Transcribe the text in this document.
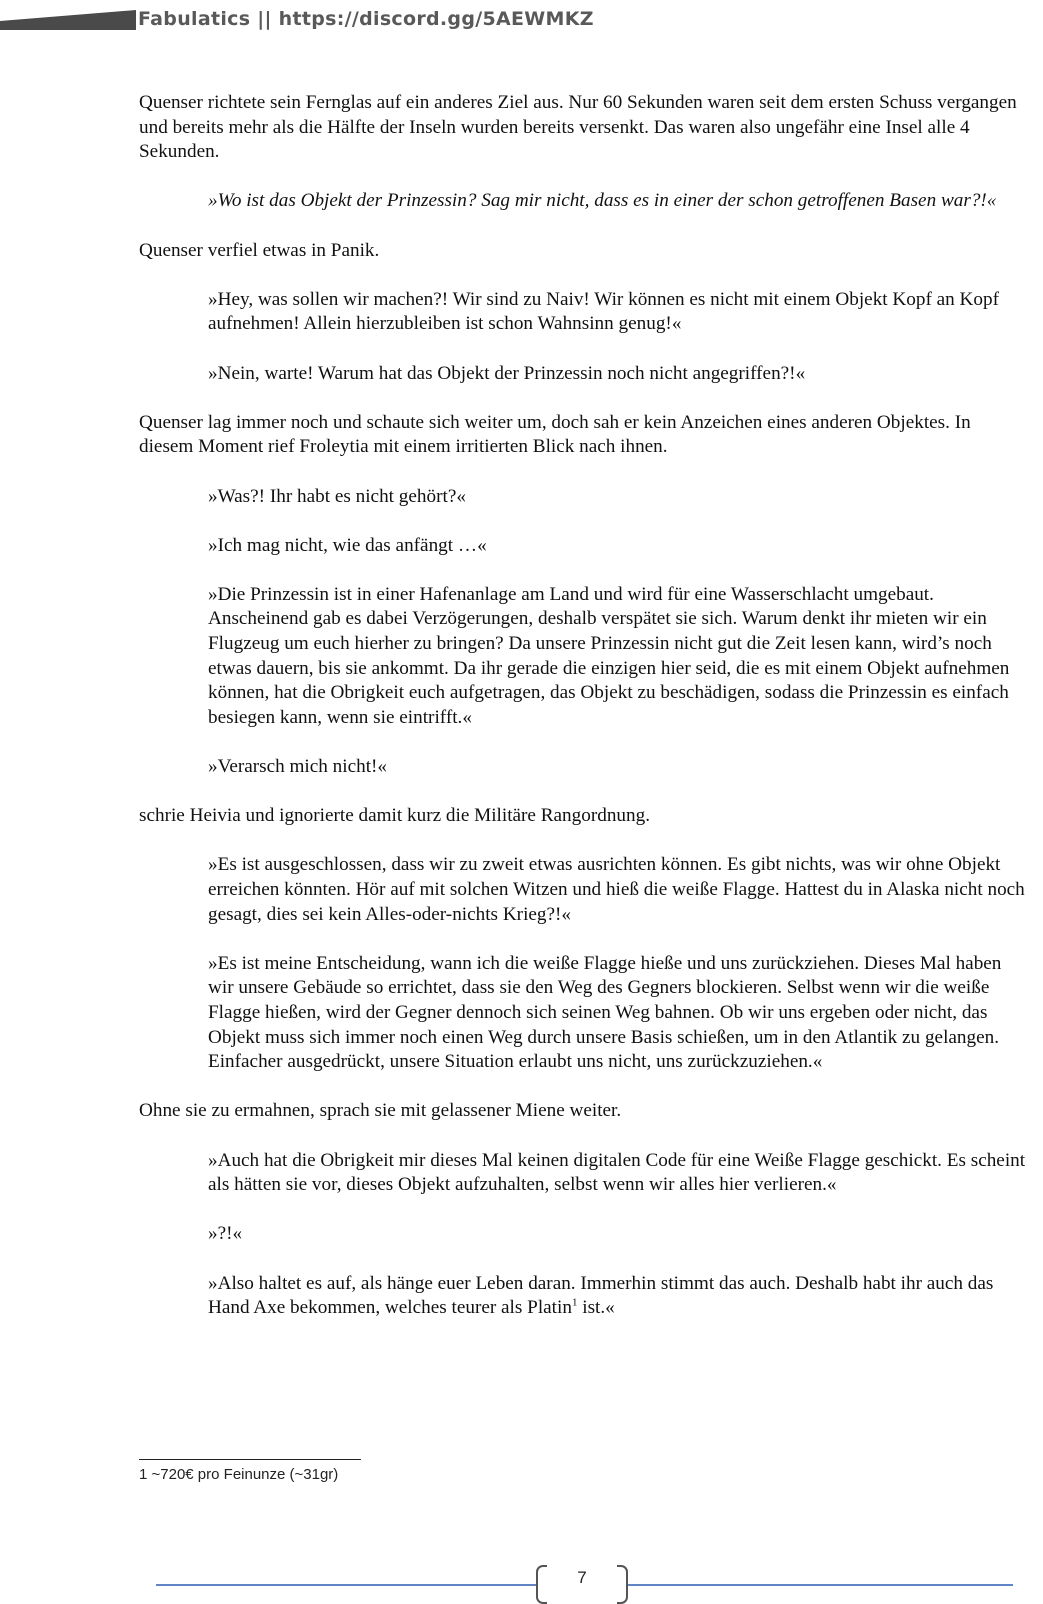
Fabulatics || https://discord.gg/5AEWMKZ

Quenser richtete sein Fernglas auf ein anderes Ziel aus. Nur 60 Sekunden waren seit dem ersten Schuss vergangen und bereits mehr als die Hälfte der Inseln wurden bereits versenkt. Das waren also ungefähr eine Insel alle 4 Sekunden.

»Wo ist das Objekt der Prinzessin? Sag mir nicht, dass es in einer der schon getroffenen Basen war?!«

Quenser verfiel etwas in Panik.

»Hey, was sollen wir machen?! Wir sind zu Naiv! Wir können es nicht mit einem Objekt Kopf an Kopf aufnehmen! Allein hierzubleiben ist schon Wahnsinn genug!«

»Nein, warte! Warum hat das Objekt der Prinzessin noch nicht angegriffen?!«

Quenser lag immer noch und schaute sich weiter um, doch sah er kein Anzeichen eines anderen Objektes. In diesem Moment rief Froleytia mit einem irritierten Blick nach ihnen.

»Was?! Ihr habt es nicht gehört?«

»Ich mag nicht, wie das anfängt …«

»Die Prinzessin ist in einer Hafenanlage am Land und wird für eine Wasserschlacht umgebaut. Anscheinend gab es dabei Verzögerungen, deshalb verspätet sie sich. Warum denkt ihr mieten wir ein Flugzeug um euch hierher zu bringen? Da unsere Prinzessin nicht gut die Zeit lesen kann, wird’s noch etwas dauern, bis sie ankommt. Da ihr gerade die einzigen hier seid, die es mit einem Objekt aufnehmen können, hat die Obrigkeit euch aufgetragen, das Objekt zu beschädigen, sodass die Prinzessin es einfach besiegen kann, wenn sie eintrifft.«

»Verarsch mich nicht!«

schrie Heivia und ignorierte damit kurz die Militäre Rangordnung.

»Es ist ausgeschlossen, dass wir zu zweit etwas ausrichten können. Es gibt nichts, was wir ohne Objekt erreichen könnten. Hör auf mit solchen Witzen und hieß die weiße Flagge. Hattest du in Alaska nicht noch gesagt, dies sei kein Alles-oder-nichts Krieg?!«

»Es ist meine Entscheidung, wann ich die weiße Flagge hieße und uns zurückziehen. Dieses Mal haben wir unsere Gebäude so errichtet, dass sie den Weg des Gegners blockieren. Selbst wenn wir die weiße Flagge hießen, wird der Gegner dennoch sich seinen Weg bahnen. Ob wir uns ergeben oder nicht, das Objekt muss sich immer noch einen Weg durch unsere Basis schießen, um in den Atlantik zu gelangen. Einfacher ausgedrückt, unsere Situation erlaubt uns nicht, uns zurückzuziehen.«

Ohne sie zu ermahnen, sprach sie mit gelassener Miene weiter.

»Auch hat die Obrigkeit mir dieses Mal keinen digitalen Code für eine Weiße Flagge geschickt. Es scheint als hätten sie vor, dieses Objekt aufzuhalten, selbst wenn wir alles hier verlieren.«

»?!«

»Also haltet es auf, als hänge euer Leben daran. Immerhin stimmt das auch. Deshalb habt ihr auch das Hand Axe bekommen, welches teurer als Platin$^1$ ist.«

1 ~720€ pro Feinunze (~31gr)
7
